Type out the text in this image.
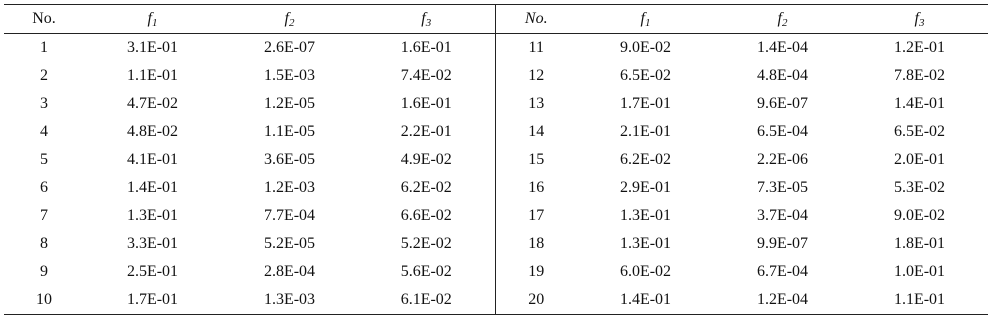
No.	$f_1$	$f_2$	$f_3$	No.	$f_1$	$f_2$	$f_3$
1	3.1E-01	2.6E-07	1.6E-01	11	9.0E-02	1.4E-04	1.2E-01
2	1.1E-01	1.5E-03	7.4E-02	12	6.5E-02	4.8E-04	7.8E-02
3	4.7E-02	1.2E-05	1.6E-01	13	1.7E-01	9.6E-07	1.4E-01
4	4.8E-02	1.1E-05	2.2E-01	14	2.1E-01	6.5E-04	6.5E-02
5	4.1E-01	3.6E-05	4.9E-02	15	6.2E-02	2.2E-06	2.0E-01
6	1.4E-01	1.2E-03	6.2E-02	16	2.9E-01	7.3E-05	5.3E-02
7	1.3E-01	7.7E-04	6.6E-02	17	1.3E-01	3.7E-04	9.0E-02
8	3.3E-01	5.2E-05	5.2E-02	18	1.3E-01	9.9E-07	1.8E-01
9	2.5E-01	2.8E-04	5.6E-02	19	6.0E-02	6.7E-04	1.0E-01
10	1.7E-01	1.3E-03	6.1E-02	20	1.4E-01	1.2E-04	1.1E-01
